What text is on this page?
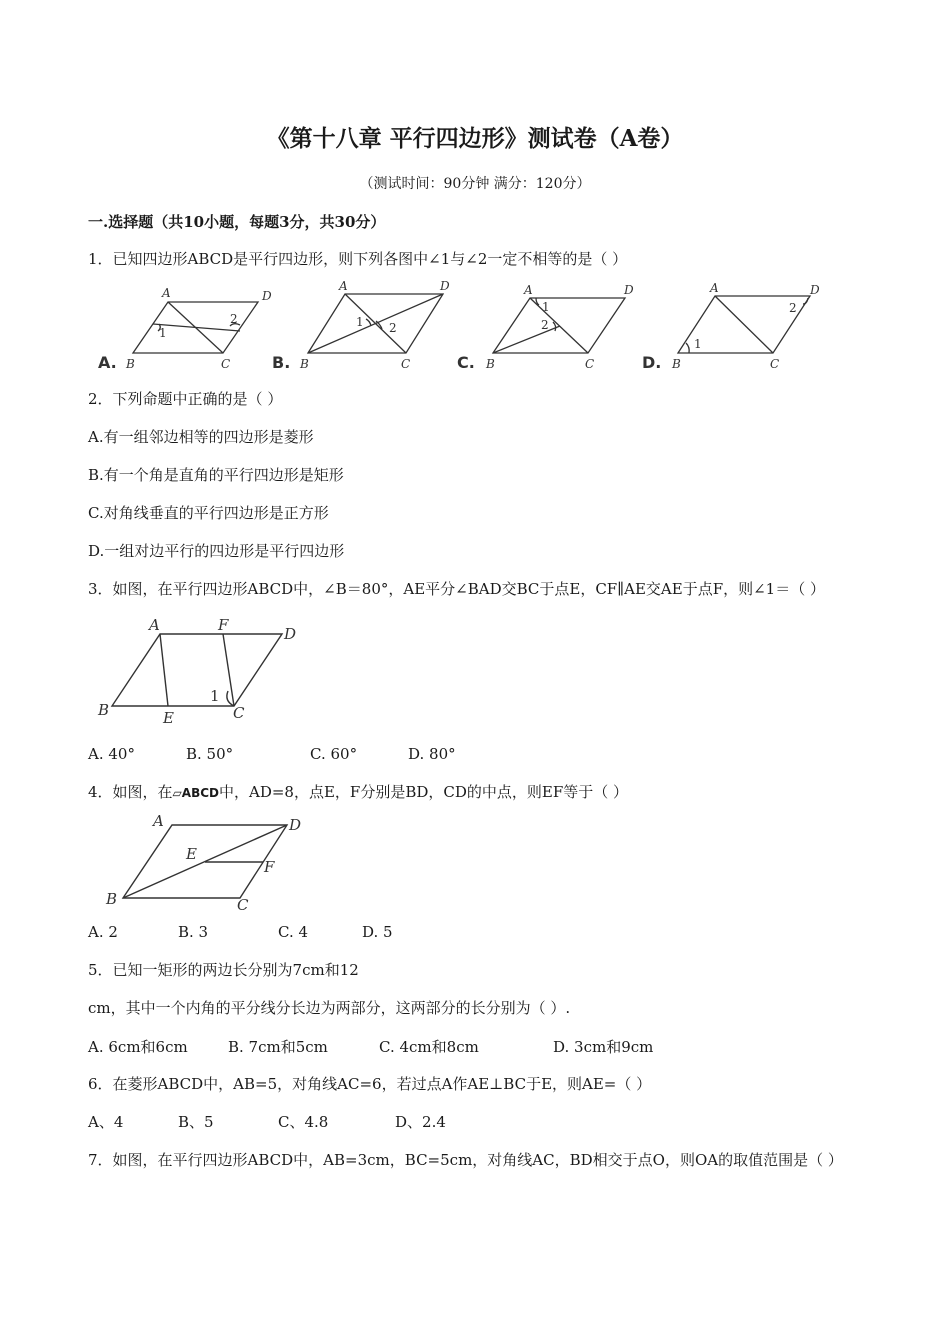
《第十八章 平行四边形》测试卷（A卷）
（测试时间：90分钟 满分：120分）
一.选择题（共10小题，每题3分，共30分）
1．已知四边形ABCD是平行四边形，则下列各图中∠1与∠2一定不相等的是（ ）
A	D
B	C
1
2
A.
A	D
B	C
1 2
B.
A	D
B	C
1
2
C.
A	D
B	C
1
2
D.
2．下列命题中正确的是（ ）
A.有一组邻边相等的四边形是菱形
B.有一个角是直角的平行四边形是矩形
C.对角线垂直的平行四边形是正方形
D.一组对边平行的四边形是平行四边形
3．如图，在平行四边形ABCD中，∠B＝80°，AE平分∠BAD交BC于点E，CF∥AE交AE于点F，则∠1＝（ ）
A	F	D
B	E	C
1
A. 40°	B. 50°	C. 60°	D. 80°
4．如图，在▱ABCD中，AD=8，点E，F分别是BD，CD的中点，则EF等于（ ）
A	D
E
F
B	C
A. 2	B. 3	C. 4	D. 5
5．已知一矩形的两边长分别为7cm和12
cm，其中一个内角的平分线分长边为两部分，这两部分的长分别为（ ）.
A. 6cm和6cm	B. 7cm和5cm	C. 4cm和8cm	D. 3cm和9cm
6．在菱形ABCD中，AB=5，对角线AC=6，若过点A作AE⊥BC于E，则AE=（ ）
A、4	B、5	C、4.8	D、2.4
7．如图，在平行四边形ABCD中，AB=3cm，BC=5cm，对角线AC，BD相交于点O，则OA的取值范围是（ ）
